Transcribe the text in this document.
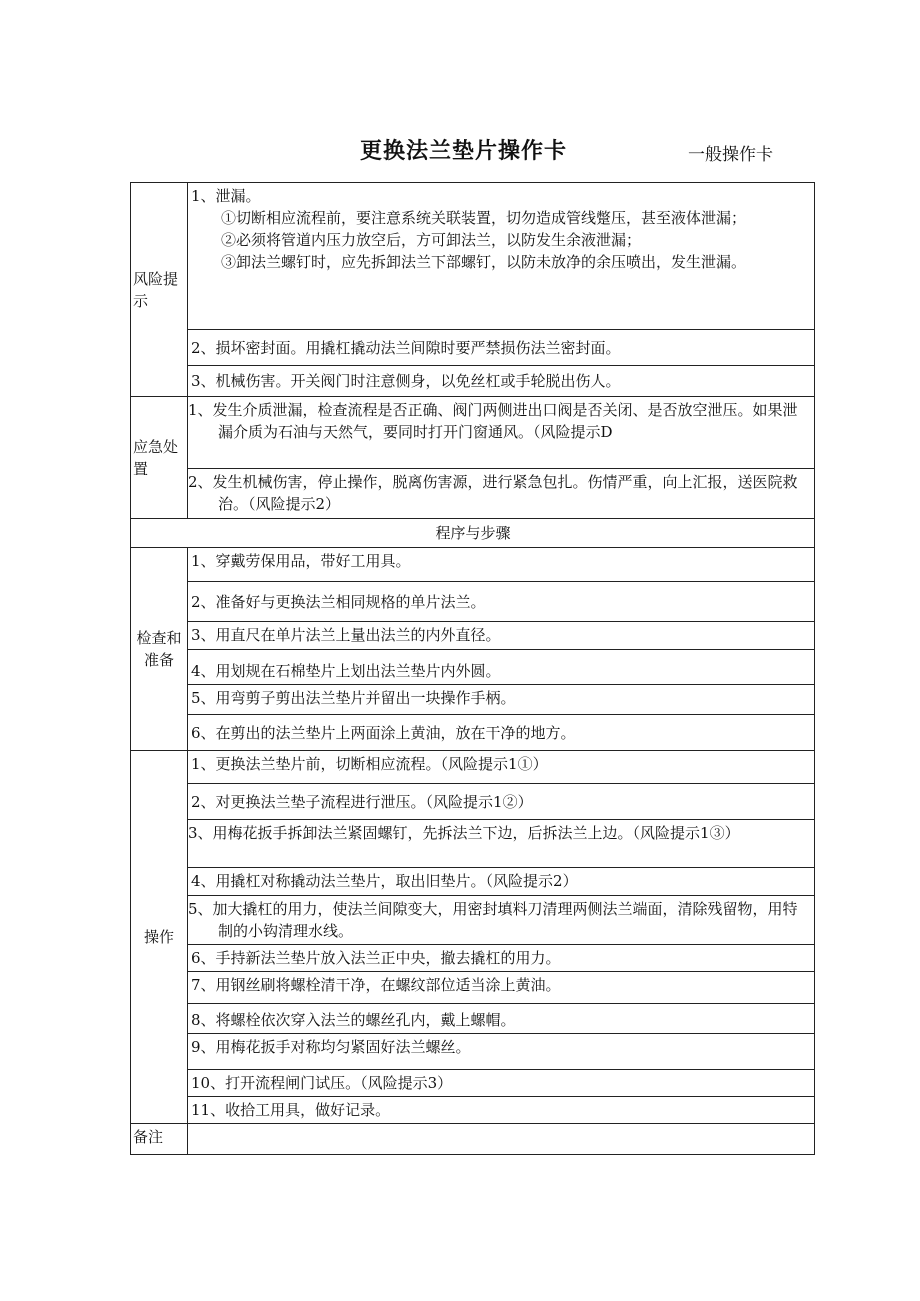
更换法兰垫片操作卡	一般操作卡
风险提示	1、泄漏。
①切断相应流程前，要注意系统关联装置，切勿造成管线蹩压，甚至液体泄漏；
②必须将管道内压力放空后，方可卸法兰，以防发生余液泄漏；
③卸法兰螺钉时，应先拆卸法兰下部螺钉，以防未放净的余压喷出，发生泄漏。

	2、损坏密封面。用撬杠撬动法兰间隙时要严禁损伤法兰密封面。
	3、机械伤害。开关阀门时注意侧身，以免丝杠或手轮脱出伤人。
应急处置	1、发生介质泄漏，检查流程是否正确、阀门两侧进出口阀是否关闭、是否放空泄压。如果泄漏介质为石油与天然气，要同时打开门窗通风。（风险提示D
	2、发生机械伤害，停止操作，脱离伤害源，进行紧急包扎。伤情严重，向上汇报，送医院救治。（风险提示2）
程序与步骤	
检查和准备	1、穿戴劳保用品，带好工用具。
	2、准备好与更换法兰相同规格的单片法兰。
	3、用直尺在单片法兰上量出法兰的内外直径。
	4、用划规在石棉垫片上划出法兰垫片内外圆。
	5、用弯剪子剪出法兰垫片并留出一块操作手柄。
	6、在剪出的法兰垫片上两面涂上黄油，放在干净的地方。
操作	1、更换法兰垫片前，切断相应流程。（风险提示1①）
	2、对更换法兰垫子流程进行泄压。（风险提示1②）
	3、用梅花扳手拆卸法兰紧固螺钉，先拆法兰下边，后拆法兰上边。（风险提示1③）
	4、用撬杠对称撬动法兰垫片，取出旧垫片。（风险提示2）
	5、加大撬杠的用力，使法兰间隙变大，用密封填料刀清理两侧法兰端面，清除残留物，用特制的小钩清理水线。
	6、手持新法兰垫片放入法兰正中央，撤去撬杠的用力。
	7、用钢丝刷将螺栓清干净，在螺纹部位适当涂上黄油。
	8、将螺栓依次穿入法兰的螺丝孔内，戴上螺帽。
	9、用梅花扳手对称均匀紧固好法兰螺丝。
	10、打开流程闸门试压。（风险提示3）
	11、收拾工用具，做好记录。
备注	
